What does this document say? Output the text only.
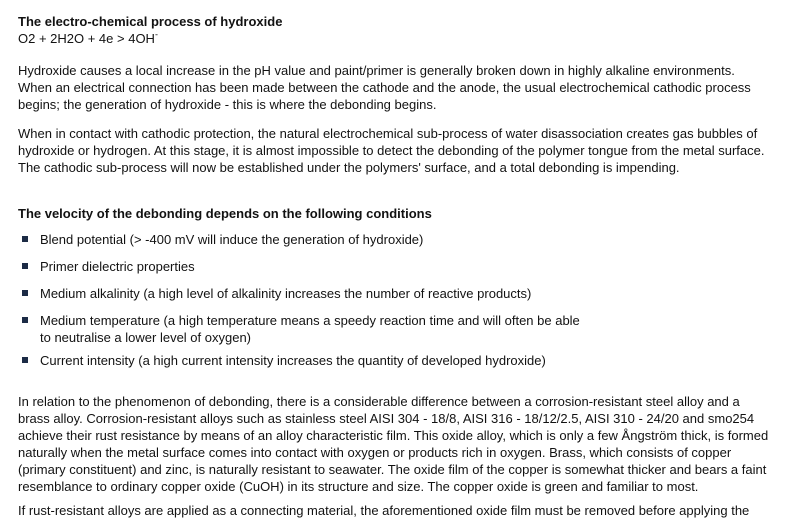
The electro-chemical process of hydroxide
O2 + 2H2O + 4e > 4OH-
Hydroxide causes a local increase in the pH value and paint/primer is generally broken down in highly alkaline environments.
When an electrical connection has been made between the cathode and the anode, the usual electrochemical cathodic process
begins; the generation of hydroxide - this is where the debonding begins.
When in contact with cathodic protection, the natural electrochemical sub-process of water disassociation creates gas bubbles of
hydroxide or hydrogen. At this stage, it is almost impossible to detect the debonding of the polymer tongue from the metal surface.
The cathodic sub-process will now be established under the polymers' surface, and a total debonding is impending.
The velocity of the debonding depends on the following conditions
Blend potential (> -400 mV will induce the generation of hydroxide)
Primer dielectric properties
Medium alkalinity (a high level of alkalinity increases the number of reactive products)
Medium temperature (a high temperature means a speedy reaction time and will often be able
to neutralise a lower level of oxygen)
Current intensity (a high current intensity increases the quantity of developed hydroxide)
In relation to the phenomenon of debonding, there is a considerable difference between a corrosion-resistant steel alloy and a
brass alloy. Corrosion-resistant alloys such as stainless steel AISI 304 - 18/8, AISI 316 - 18/12/2.5, AISI 310 - 24/20 and smo254
achieve their rust resistance by means of an alloy characteristic film. This oxide alloy, which is only a few Ångström thick, is formed
naturally when the metal surface comes into contact with oxygen or products rich in oxygen. Brass, which consists of copper
(primary constituent) and zinc, is naturally resistant to seawater. The oxide film of the copper is somewhat thicker and bears a faint
resemblance to ordinary copper oxide (CuOH) in its structure and size. The copper oxide is green and familiar to most.
If rust-resistant alloys are applied as a connecting material, the aforementioned oxide film must be removed before applying the
